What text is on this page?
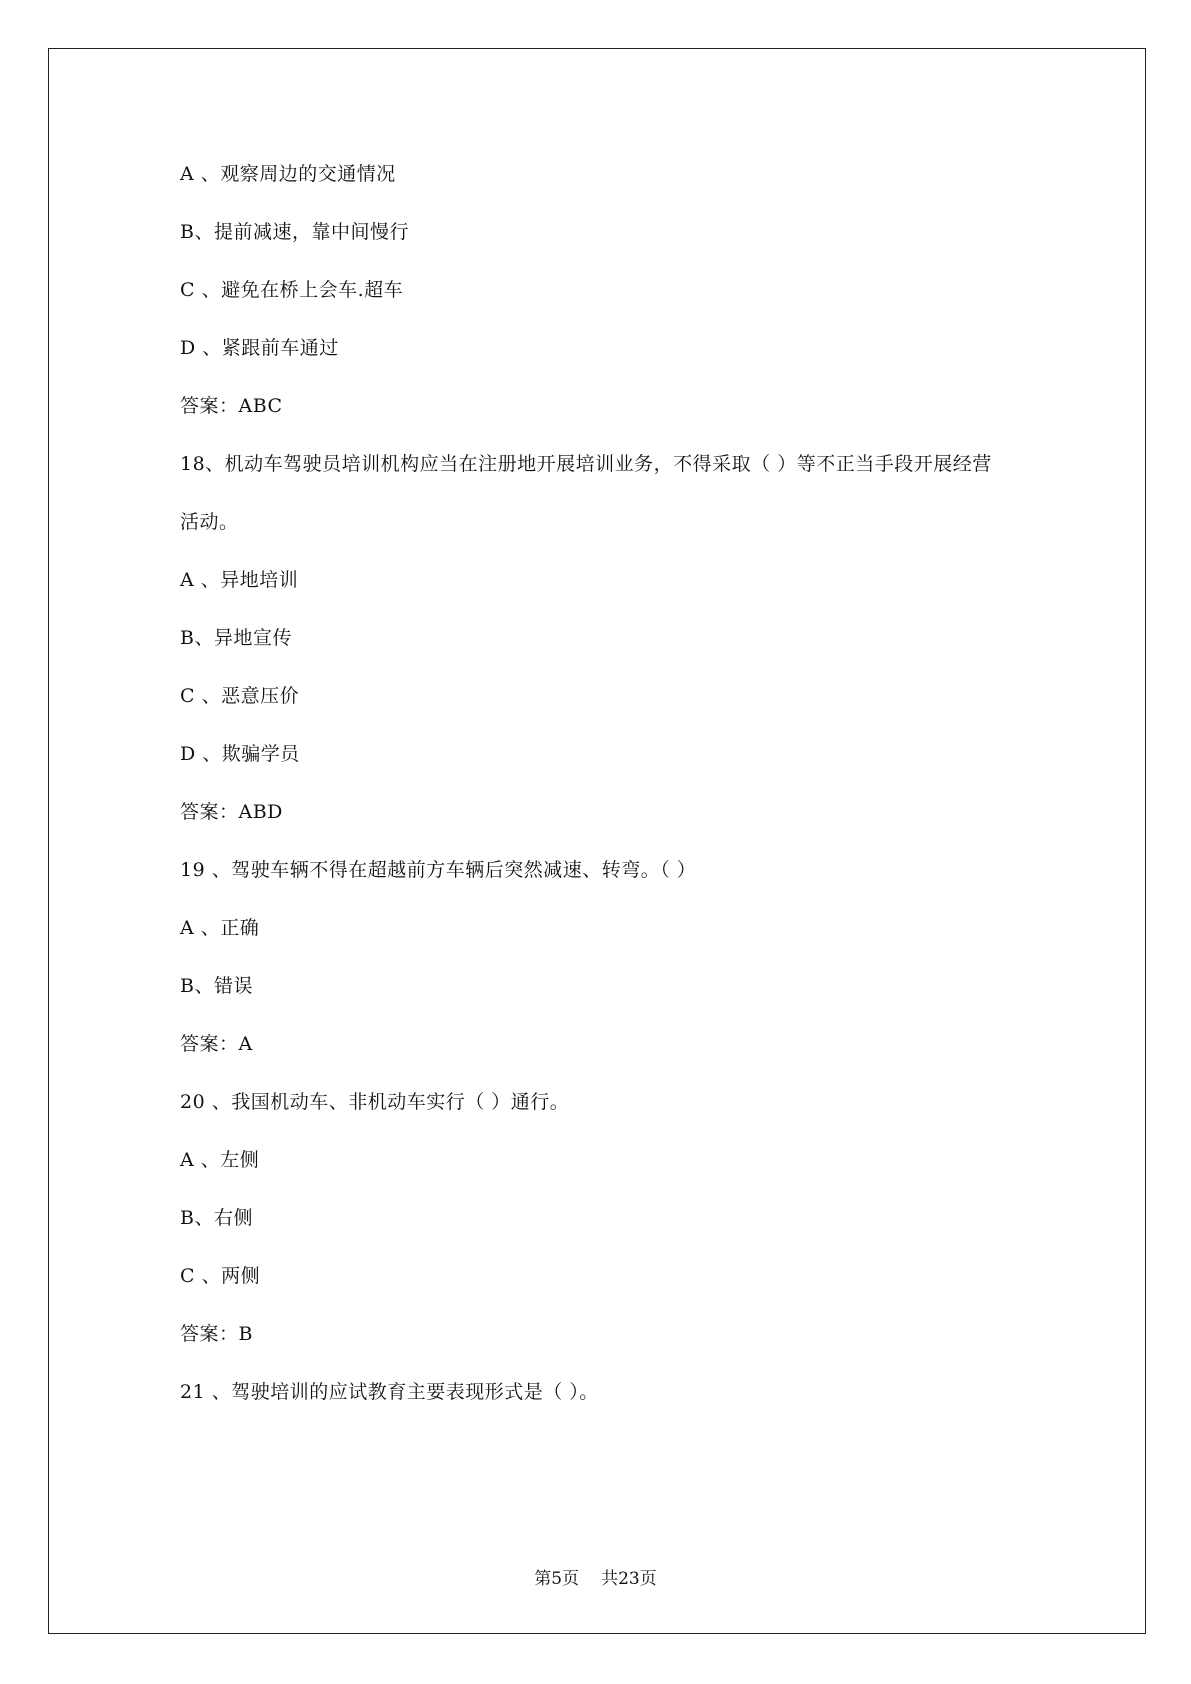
A 、观察周边的交通情况
B、提前减速，靠中间慢行
C 、避免在桥上会车.超车
D 、紧跟前车通过
答案：ABC
18、机动车驾驶员培训机构应当在注册地开展培训业务，不得采取（ ）等不正当手段开展经营
活动。
A 、异地培训
B、异地宣传
C 、恶意压价
D 、欺骗学员
答案：ABD
19 、驾驶车辆不得在超越前方车辆后突然减速、转弯。（ ）
A 、正确
B、错误
答案：A
20 、我国机动车、非机动车实行（ ）通行。
A 、左侧
B、右侧
C 、两侧
答案：B
21 、驾驶培训的应试教育主要表现形式是（ ）。
第5页 共23页
